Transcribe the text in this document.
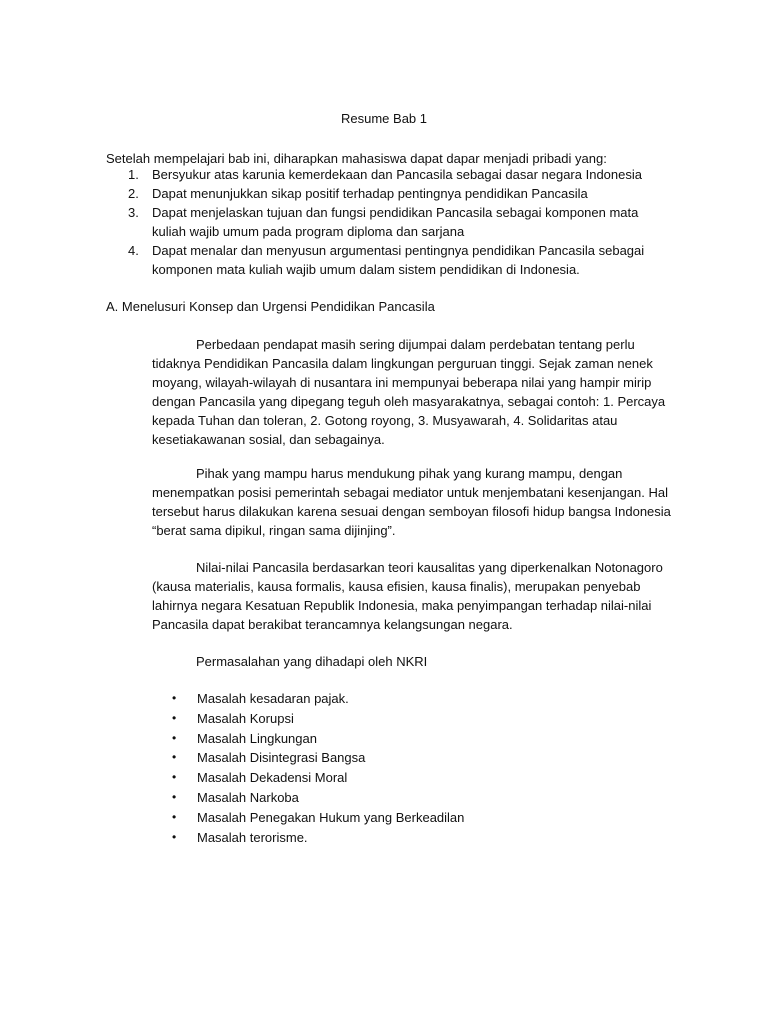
Resume Bab 1

Setelah mempelajari bab ini, diharapkan mahasiswa dapat dapar menjadi pribadi yang:

1. Bersyukur atas karunia kemerdekaan dan Pancasila sebagai dasar negara Indonesia
2. Dapat menunjukkan sikap positif terhadap pentingnya pendidikan Pancasila
3. Dapat menjelaskan tujuan dan fungsi pendidikan Pancasila sebagai komponen mata kuliah wajib umum pada program diploma dan sarjana
4. Dapat menalar dan menyusun argumentasi pentingnya pendidikan Pancasila sebagai komponen mata kuliah wajib umum dalam sistem pendidikan di Indonesia.
A. Menelusuri Konsep dan Urgensi Pendidikan Pancasila

Perbedaan pendapat masih sering dijumpai dalam perdebatan tentang perlu tidaknya Pendidikan Pancasila dalam lingkungan perguruan tinggi. Sejak zaman nenek moyang, wilayah-wilayah di nusantara ini mempunyai beberapa nilai yang hampir mirip dengan Pancasila yang dipegang teguh oleh masyarakatnya, sebagai contoh: 1. Percaya kepada Tuhan dan toleran, 2. Gotong royong, 3. Musyawarah, 4. Solidaritas atau kesetiakawanan sosial, dan sebagainya.

Pihak yang mampu harus mendukung pihak yang kurang mampu, dengan menempatkan posisi pemerintah sebagai mediator untuk menjembatani kesenjangan. Hal tersebut harus dilakukan karena sesuai dengan semboyan filosofi hidup bangsa Indonesia “berat sama dipikul, ringan sama dijinjing”.

Nilai-nilai Pancasila berdasarkan teori kausalitas yang diperkenalkan Notonagoro (kausa materialis, kausa formalis, kausa efisien, kausa finalis), merupakan penyebab lahirnya negara Kesatuan Republik Indonesia, maka penyimpangan terhadap nilai-nilai Pancasila dapat berakibat terancamnya kelangsungan negara.

Permasalahan yang dihadapi oleh NKRI
• Masalah kesadaran pajak.
• Masalah Korupsi
• Masalah Lingkungan
• Masalah Disintegrasi Bangsa
• Masalah Dekadensi Moral
• Masalah Narkoba
• Masalah Penegakan Hukum yang Berkeadilan
• Masalah terorisme.
